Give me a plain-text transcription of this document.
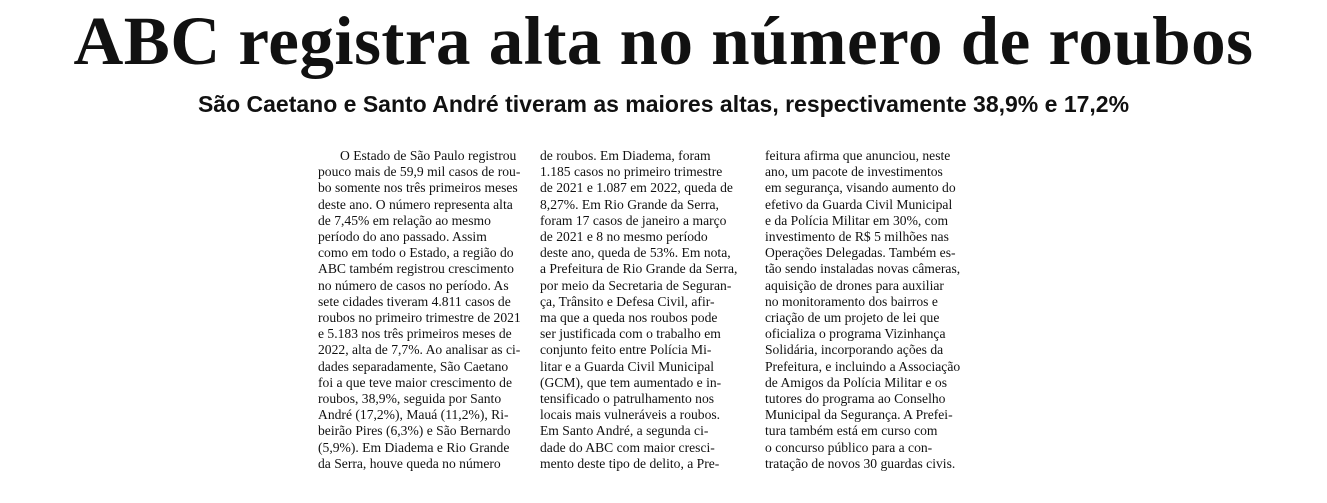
ABC registra alta no número de roubos
São Caetano e Santo André tiveram as maiores altas, respectivamente 38,9% e 17,2%

O Estado de São Paulo registrou

pouco mais de 59,9 mil casos de rou-

bo somente nos três primeiros meses

deste ano. O número representa alta

de 7,45% em relação ao mesmo

período do ano passado. Assim

como em todo o Estado, a região do

ABC também registrou crescimento

no número de casos no período. As

sete cidades tiveram 4.811 casos de

roubos no primeiro trimestre de 2021

e 5.183 nos três primeiros meses de

2022, alta de 7,7%. Ao analisar as ci-

dades separadamente, São Caetano

foi a que teve maior crescimento de

roubos, 38,9%, seguida por Santo

André (17,2%), Mauá (11,2%), Ri-

beirão Pires (6,3%) e São Bernardo

(5,9%). Em Diadema e Rio Grande

da Serra, houve queda no número

de roubos. Em Diadema, foram

1.185 casos no primeiro trimestre

de 2021 e 1.087 em 2022, queda de

8,27%. Em Rio Grande da Serra,

foram 17 casos de janeiro a março

de 2021 e 8 no mesmo período

deste ano, queda de 53%. Em nota,

a Prefeitura de Rio Grande da Serra,

por meio da Secretaria de Seguran-

ça, Trânsito e Defesa Civil, afir-

ma que a queda nos roubos pode

ser justificada com o trabalho em

conjunto feito entre Polícia Mi-

litar e a Guarda Civil Municipal

(GCM), que tem aumentado e in-

tensificado o patrulhamento nos

locais mais vulneráveis a roubos.

Em Santo André, a segunda ci-

dade do ABC com maior cresci-

mento deste tipo de delito, a Pre-

feitura afirma que anunciou, neste

ano, um pacote de investimentos

em segurança, visando aumento do

efetivo da Guarda Civil Municipal

e da Polícia Militar em 30%, com

investimento de R$ 5 milhões nas

Operações Delegadas. Também es-

tão sendo instaladas novas câmeras,

aquisição de drones para auxiliar

no monitoramento dos bairros e

criação de um projeto de lei que

oficializa o programa Vizinhança

Solidária, incorporando ações da

Prefeitura, e incluindo a Associação

de Amigos da Polícia Militar e os

tutores do programa ao Conselho

Municipal da Segurança. A Prefei-

tura também está em curso com

o concurso público para a con-

tratação de novos 30 guardas civis.
